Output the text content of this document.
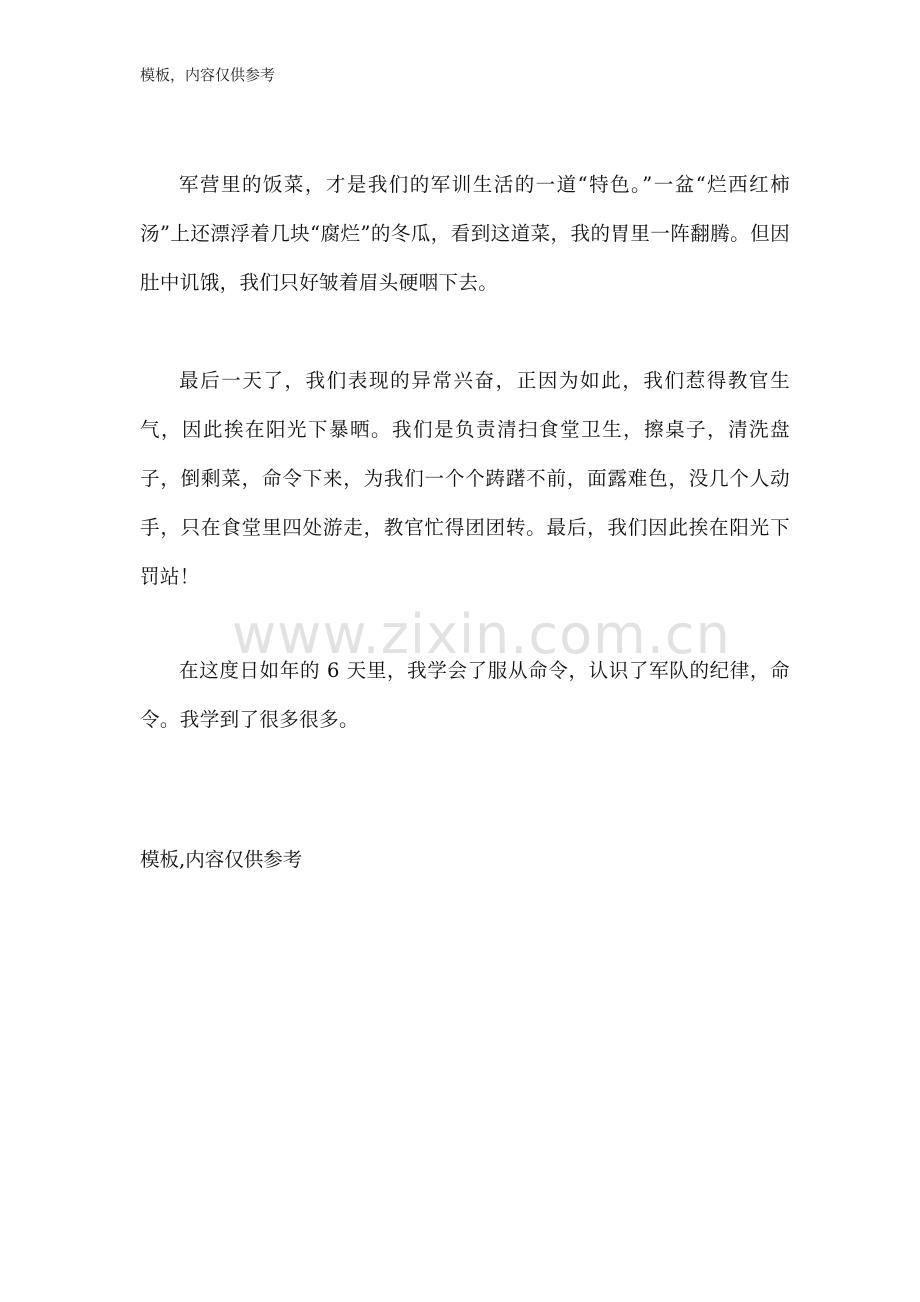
模板，内容仅供参考

军营里的饭菜，才是我们的军训生活的一道“特色。”一盆“烂西红柿汤”上还漂浮着几块“腐烂”的冬瓜，看到这道菜，我的胃里一阵翻腾。但因肚中讥饿，我们只好皱着眉头硬咽下去。

最后一天了，我们表现的异常兴奋，正因为如此，我们惹得教官生气，因此挨在阳光下暴晒。我们是负责清扫食堂卫生，擦桌子，清洗盘子，倒剩菜，命令下来，为我们一个个踌躇不前，面露难色，没几个人动手，只在食堂里四处游走，教官忙得团团转。最后，我们因此挨在阳光下罚站！

www.zixin.com.cn

在这度日如年的 6 天里，我学会了服从命令，认识了军队的纪律，命令。我学到了很多很多。

模板,内容仅供参考
